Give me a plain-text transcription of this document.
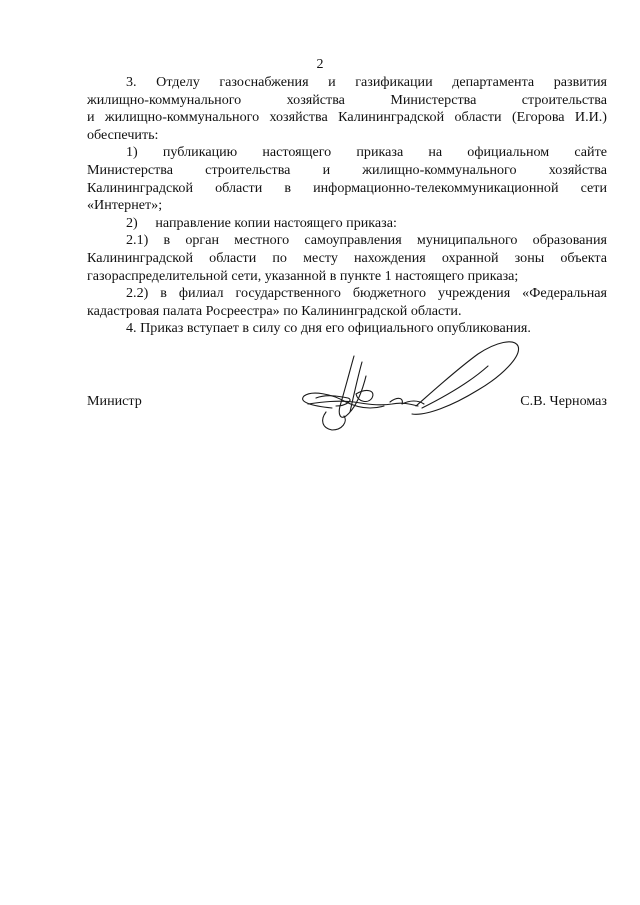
2
3. Отделу газоснабжения и газификации департамента развития
жилищно-коммунального хозяйства Министерства строительства
и жилищно-коммунального хозяйства Калининградской области (Егорова И.И.)
обеспечить:
1) публикацию настоящего приказа на официальном сайте
Министерства строительства и жилищно-коммунального хозяйства
Калининградской области в информационно-телекоммуникационной сети
«Интернет»;
2)     направление копии настоящего приказа:
2.1) в орган местного самоуправления муниципального образования
Калининградской области по месту нахождения охранной зоны объекта
газораспределительной сети, указанной в пункте 1 настоящего приказа;
2.2) в филиал государственного бюджетного учреждения «Федеральная
кадастровая палата Росреестра» по Калининградской области.
4. Приказ вступает в силу со дня его официального опубликования.
Министр	С.В. Черномаз
